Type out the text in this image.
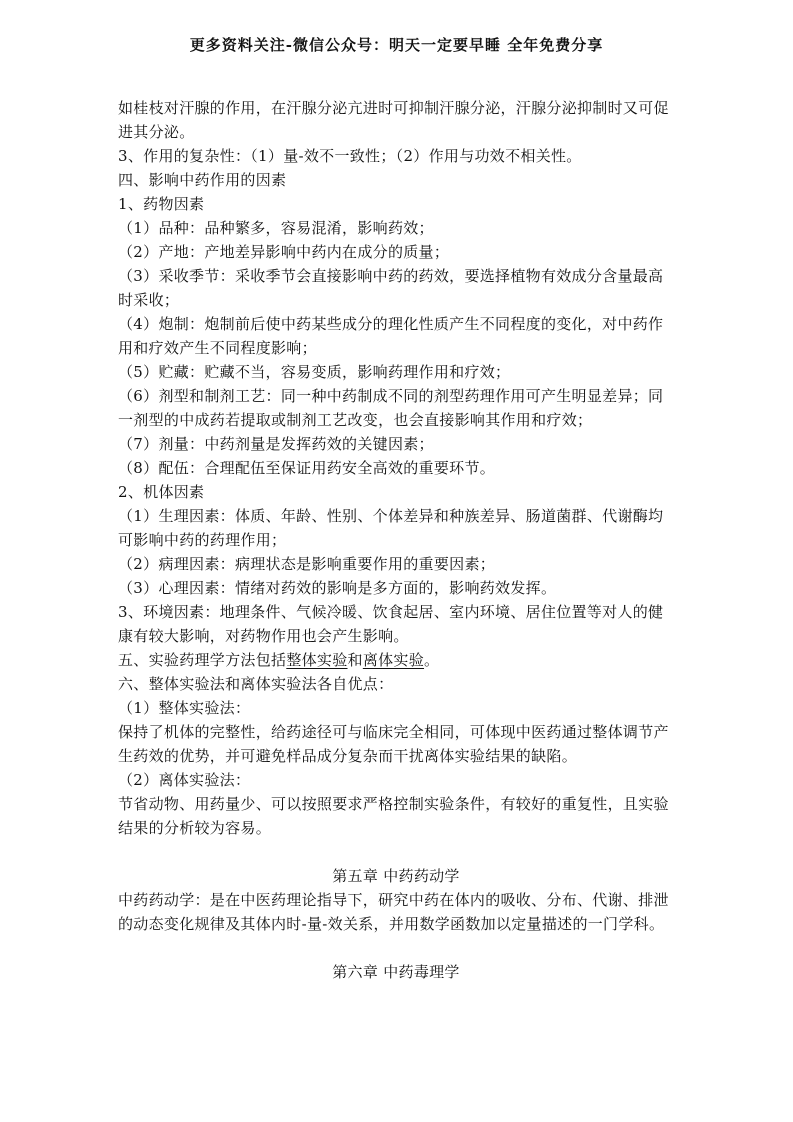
更多资料关注-微信公众号：明天一定要早睡 全年免费分享

如桂枝对汗腺的作用，在汗腺分泌亢进时可抑制汗腺分泌，汗腺分泌抑制时又可促进其分泌。

3、作用的复杂性：（1）量-效不一致性；（2）作用与功效不相关性。

四、影响中药作用的因素

1、药物因素

（1）品种：品种繁多，容易混淆，影响药效；

（2）产地：产地差异影响中药内在成分的质量；

（3）采收季节：采收季节会直接影响中药的药效，要选择植物有效成分含量最高时采收；

（4）炮制：炮制前后使中药某些成分的理化性质产生不同程度的变化，对中药作用和疗效产生不同程度影响；

（5）贮藏：贮藏不当，容易变质，影响药理作用和疗效；

（6）剂型和制剂工艺：同一种中药制成不同的剂型药理作用可产生明显差异；同一剂型的中成药若提取或制剂工艺改变，也会直接影响其作用和疗效；

（7）剂量：中药剂量是发挥药效的关键因素；

（8）配伍：合理配伍至保证用药安全高效的重要环节。

2、机体因素

（1）生理因素：体质、年龄、性别、个体差异和种族差异、肠道菌群、代谢酶均可影响中药的药理作用；

（2）病理因素：病理状态是影响重要作用的重要因素；

（3）心理因素：情绪对药效的影响是多方面的，影响药效发挥。

3、环境因素：地理条件、气候冷暖、饮食起居、室内环境、居住位置等对人的健康有较大影响，对药物作用也会产生影响。

五、实验药理学方法包括整体实验和离体实验。

六、整体实验法和离体实验法各自优点：

（1）整体实验法：

保持了机体的完整性，给药途径可与临床完全相同，可体现中医药通过整体调节产生药效的优势，并可避免样品成分复杂而干扰离体实验结果的缺陷。

（2）离体实验法：

节省动物、用药量少、可以按照要求严格控制实验条件，有较好的重复性，且实验结果的分析较为容易。

第五章 中药药动学

中药药动学：是在中医药理论指导下，研究中药在体内的吸收、分布、代谢、排泄的动态变化规律及其体内时-量-效关系，并用数学函数加以定量描述的一门学科。

第六章 中药毒理学
